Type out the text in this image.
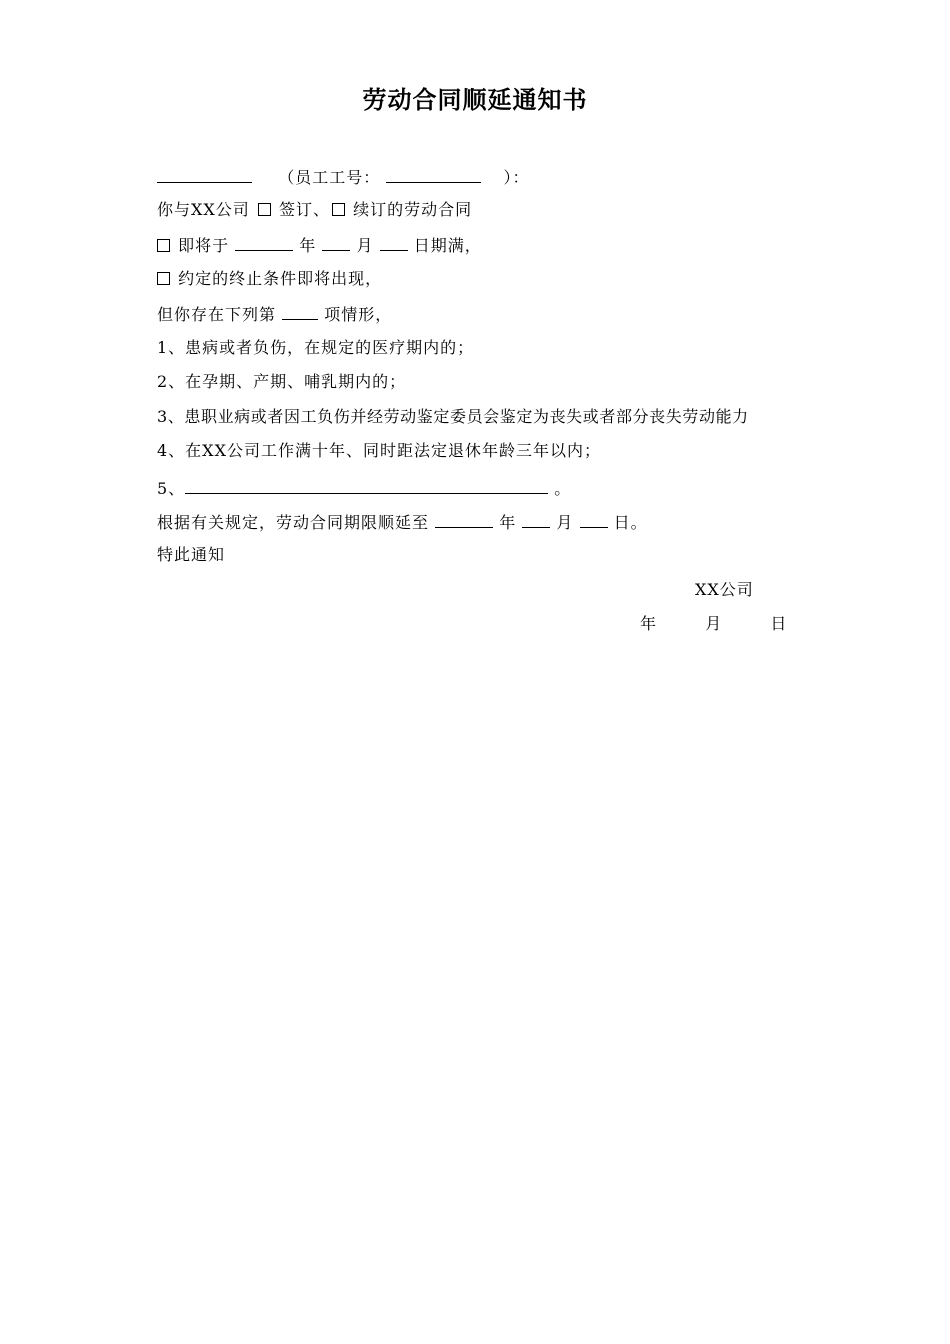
劳动合同顺延通知书
（员工工号：	）：
你与XX公司 签订、 续订的劳动合同
即将于	年	月	日期满，
约定的终止条件即将出现，
但你存在下列第	项情形，
1、患病或者负伤，在规定的医疗期内的；
2、在孕期、产期、哺乳期内的；
3、患职业病或者因工负伤并经劳动鉴定委员会鉴定为丧失或者部分丧失劳动能力
4、在XX公司工作满十年、同时距法定退休年龄三年以内；
5、	。
根据有关规定，劳动合同期限顺延至	年	月	日。
特此通知
XX公司
年	月	日
